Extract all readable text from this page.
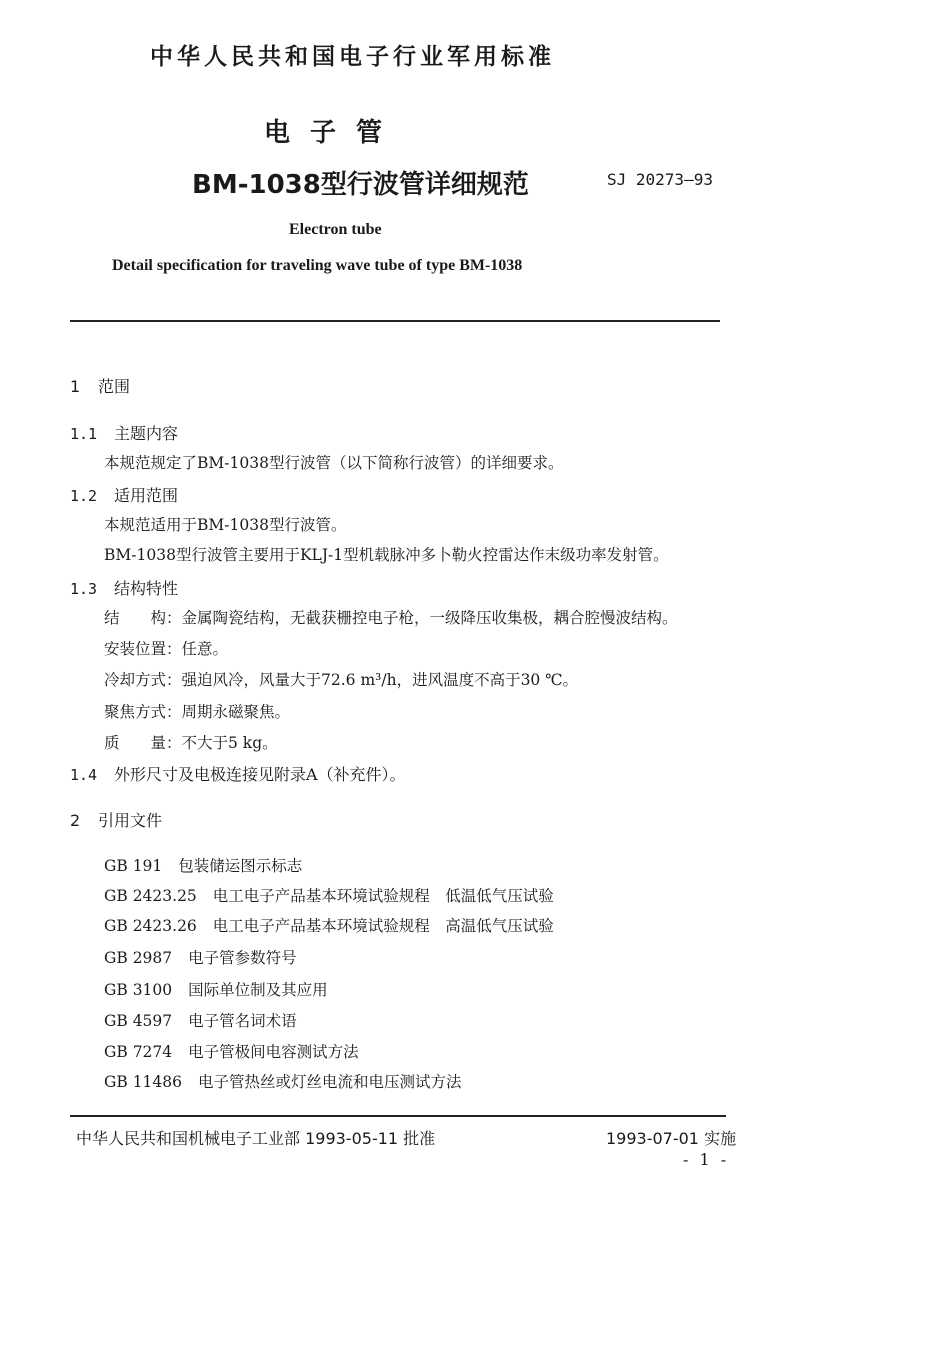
中华人民共和国电子行业军用标准
电子管
BM-1038型行波管详细规范	SJ 20273—93
Electron tube
Detail specification for traveling wave tube of type BM-1038
1 范围
1.1 主题内容
本规范规定了BM-1038型行波管（以下简称行波管）的详细要求。
1.2 适用范围
本规范适用于BM-1038型行波管。
BM-1038型行波管主要用于KLJ-1型机载脉冲多卜勒火控雷达作末级功率发射管。
1.3 结构特性
结　　构：金属陶瓷结构，无截获栅控电子枪，一级降压收集极，耦合腔慢波结构。
安装位置：任意。
冷却方式：强迫风冷，风量大于72.6 m³/h，进风温度不高于30 ℃。
聚焦方式：周期永磁聚焦。
质　　量：不大于5 kg。
1.4 外形尺寸及电极连接见附录A（补充件）。
2 引用文件
GB 191 包装储运图示标志
GB 2423.25 电工电子产品基本环境试验规程　低温低气压试验
GB 2423.26 电工电子产品基本环境试验规程　高温低气压试验
GB 2987 电子管参数符号
GB 3100 国际单位制及其应用
GB 4597 电子管名词术语
GB 7274 电子管极间电容测试方法
GB 11486 电子管热丝或灯丝电流和电压测试方法
中华人民共和国机械电子工业部 1993-05-11 批准	1993-07-01 实施
- 1 -
